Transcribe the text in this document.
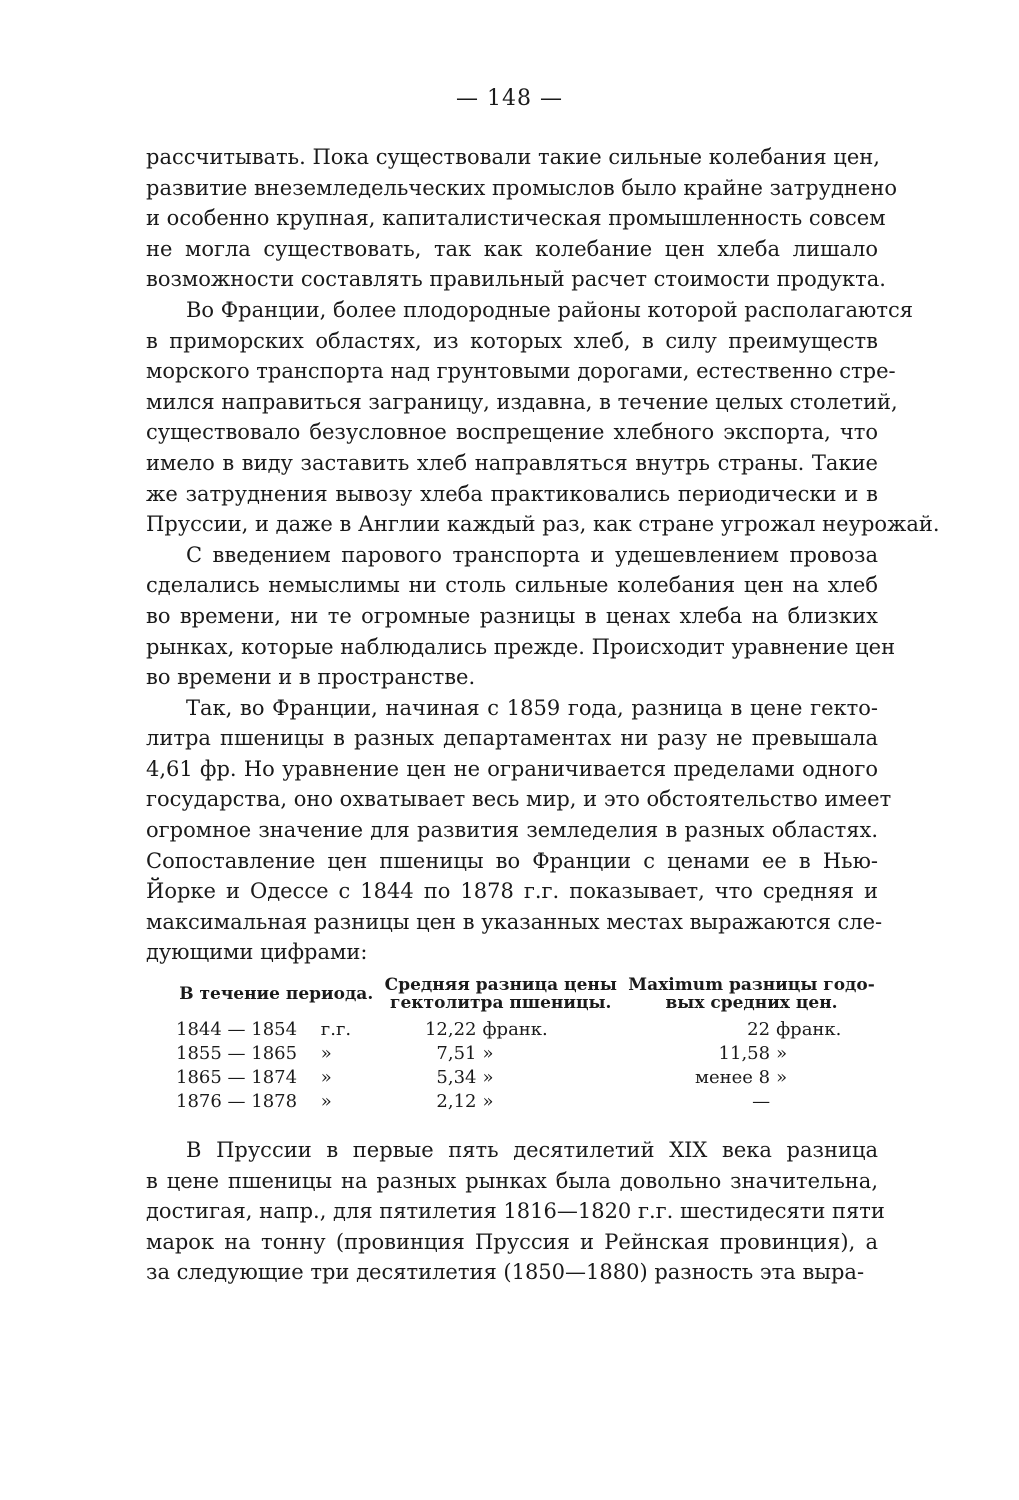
— 148 —
рассчитывать. Пока существовали такие сильные колебания цен,
развитие внеземледельческих промыслов было крайне затруднено
и особенно крупная, капиталистическая промышленность совсем
не могла существовать, так как колебание цен хлеба лишало
возможности составлять правильный расчет стоимости продукта.
Во Франции, более плодородные районы которой располагаются
в приморских областях, из которых хлеб, в силу преимуществ
морского транспорта над грунтовыми дорогами, естественно стре-
мился направиться заграницу, издавна, в течение целых столетий,
существовало безусловное воспрещение хлебного экспорта, что
имело в виду заставить хлеб направляться внутрь страны. Такие
же затруднения вывозу хлеба практиковались периодически и в
Пруссии, и даже в Англии каждый раз, как стране угрожал неурожай.
С введением парового транспорта и удешевлением провоза
сделались немыслимы ни столь сильные колебания цен на хлеб
во времени, ни те огромные разницы в ценах хлеба на близких
рынках, которые наблюдались прежде. Происходит уравнение цен
во времени и в пространстве.
Так, во Франции, начиная с 1859 года, разница в цене гекто-
литра пшеницы в разных департаментах ни разу не превышала
4,61 фр. Но уравнение цен не ограничивается пределами одного
государства, оно охватывает весь мир, и это обстоятельство имеет
огромное значение для развития земледелия в разных областях.
Сопоставление цен пшеницы во Франции с ценами ее в Нью-
Йорке и Одессе с 1844 по 1878 г.г. показывает, что средняя и
максимальная разницы цен в указанных местах выражаются сле-
дующими цифрами:
В течение периода.	Средняя разница цены гектолитра пшеницы.	Maximum разницы годо-вых средних цен.
1844 — 1854 г.г.	12,22 франк.	22 франк.
1855 — 1865 »	7,51 »	11,58 »
1865 — 1874 »	5,34 »	менее 8 »
1876 — 1878 »	2,12 »	—
В Пруссии в первые пять десятилетий XIX века разница
в цене пшеницы на разных рынках была довольно значительна,
достигая, напр., для пятилетия 1816—1820 г.г. шестидесяти пяти
марок на тонну (провинция Пруссия и Рейнская провинция), а
за следующие три десятилетия (1850—1880) разность эта выра-
